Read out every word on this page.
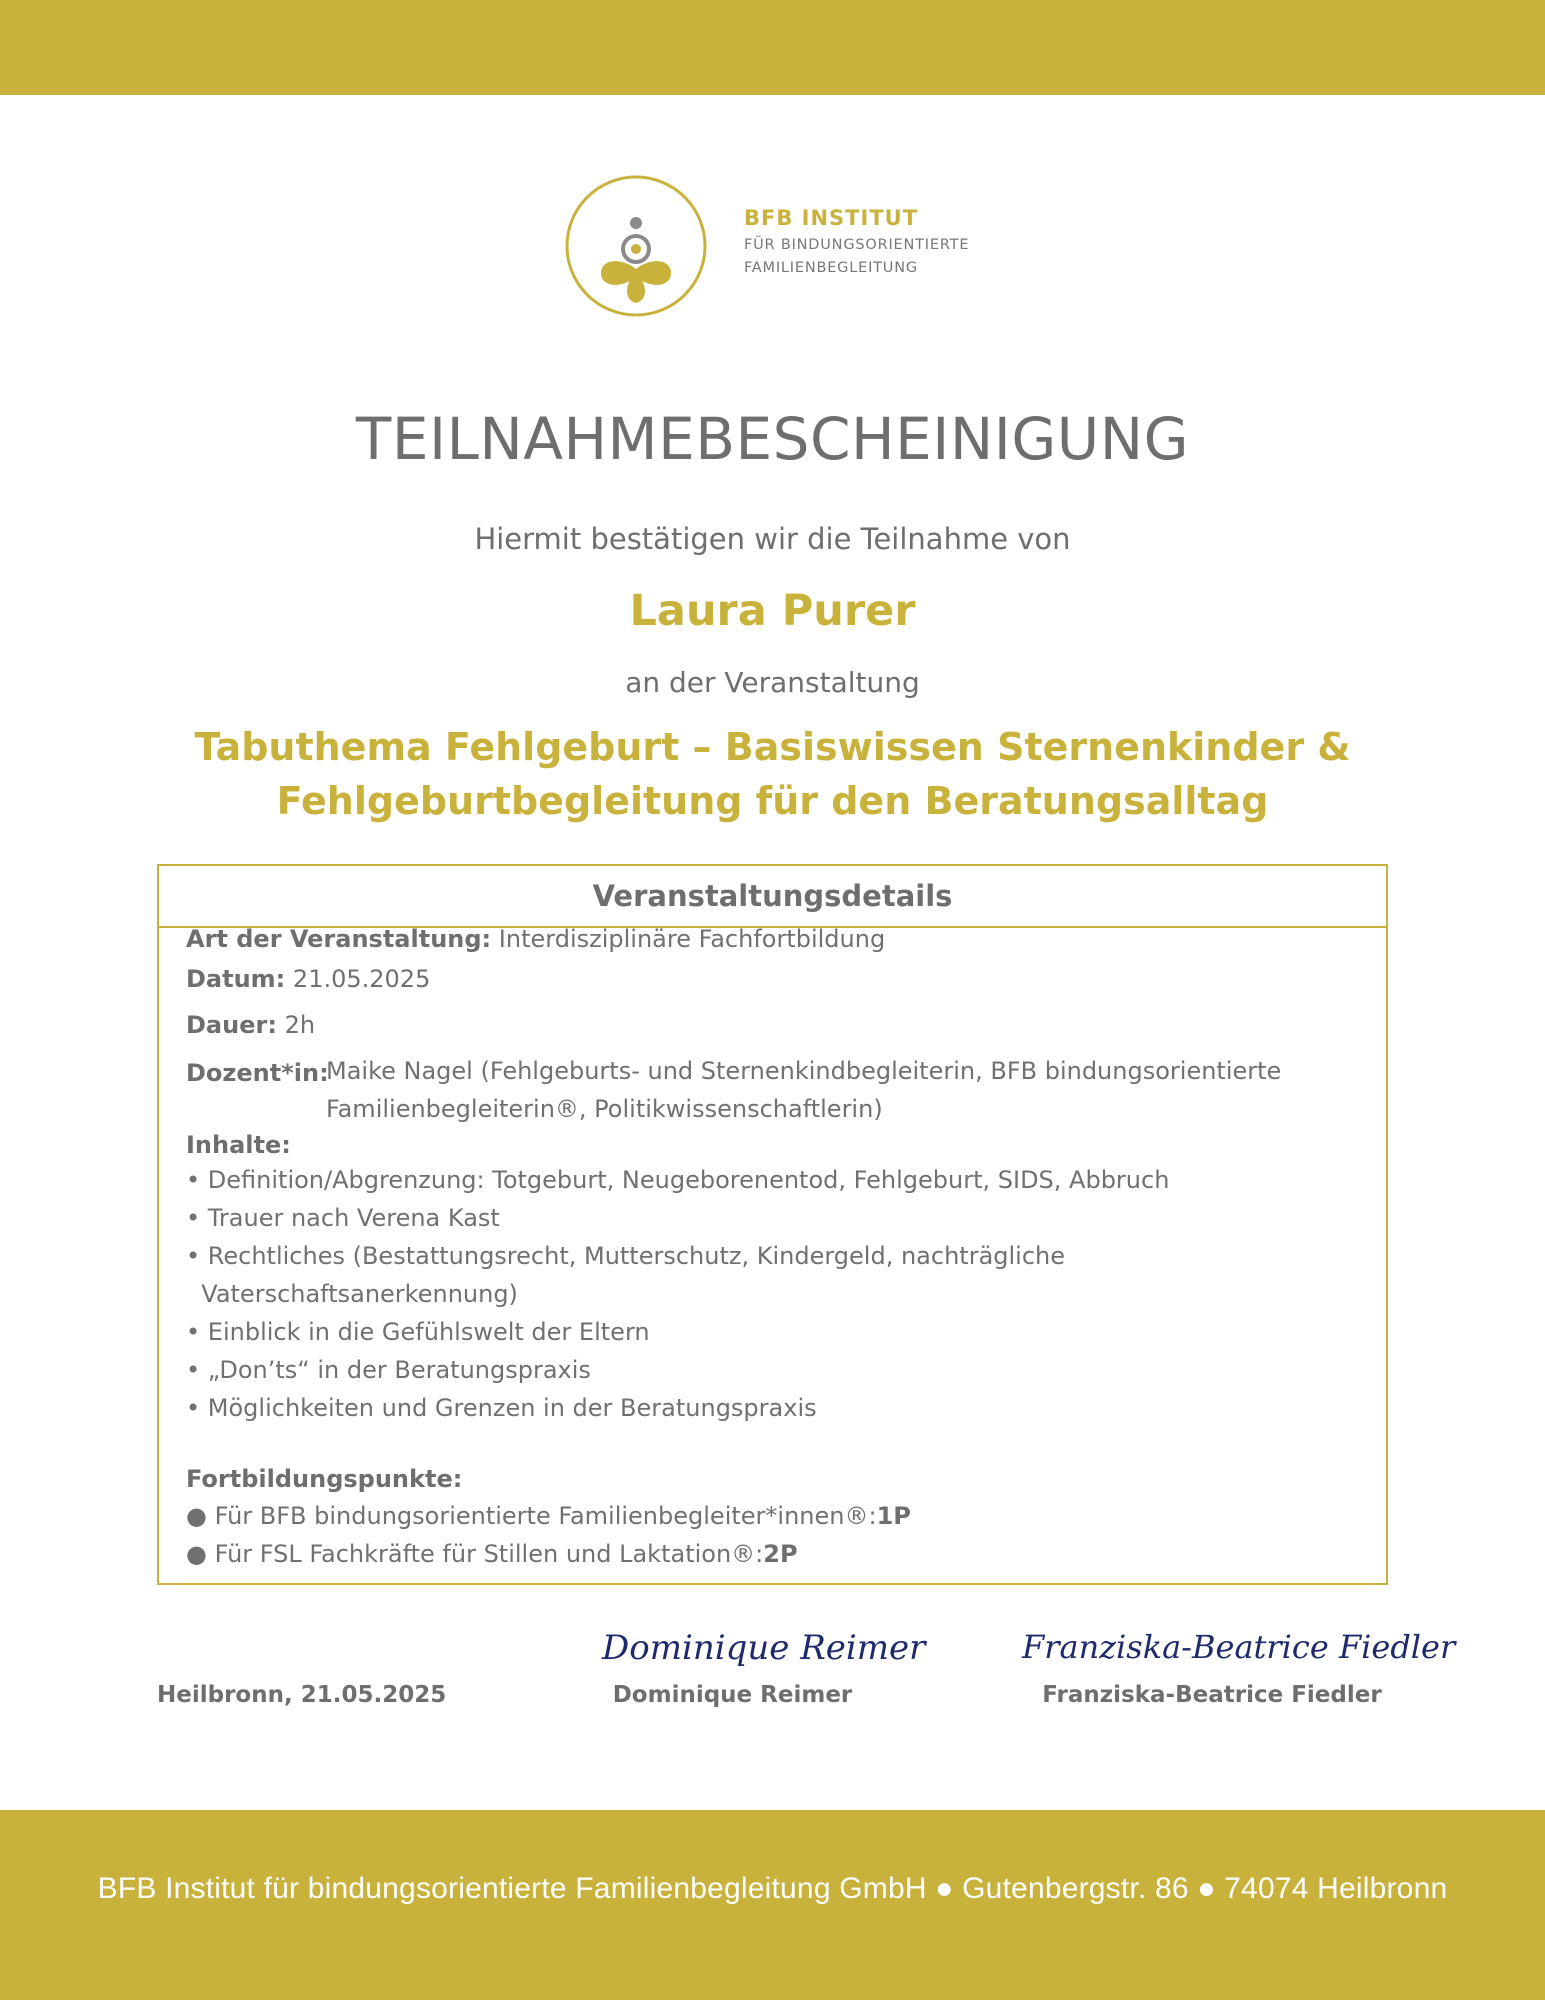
BFB INSTITUT
FÜR BINDUNGSORIENTIERTE
FAMILIENBEGLEITUNG
TEILNAHMEBESCHEINIGUNG
Hiermit bestätigen wir die Teilnahme von
Laura Purer
an der Veranstaltung
Tabuthema Fehlgeburt – Basiswissen Sternenkinder &
Fehlgeburtbegleitung für den Beratungsalltag
Veranstaltungsdetails
Art der Veranstaltung: Interdisziplinäre Fachfortbildung
Datum: 21.05.2025
Dauer: 2h
Dozent*in:
Maike Nagel (Fehlgeburts- und Sternenkindbegleiterin, BFB bindungsorientierte
Familienbegleiterin®, Politikwissenschaftlerin)
Inhalte:
• Definition/Abgrenzung: Totgeburt, Neugeborenentod, Fehlgeburt, SIDS, Abbruch
• Trauer nach Verena Kast
• Rechtliches (Bestattungsrecht, Mutterschutz, Kindergeld, nachträgliche
Vaterschaftsanerkennung)
• Einblick in die Gefühlswelt der Eltern
• „Don’ts“ in der Beratungspraxis
• Möglichkeiten und Grenzen in der Beratungspraxis
Fortbildungspunkte:
● Für BFB bindungsorientierte Familienbegleiter*innen®:1P
● Für FSL Fachkräfte für Stillen und Laktation®:2P
Heilbronn, 21.05.2025
Dominique Reimer
Dominique Reimer
Franziska-Beatrice Fiedler
Franziska-Beatrice Fiedler
BFB Institut für bindungsorientierte Familienbegleitung GmbH ● Gutenbergstr. 86 ● 74074 Heilbronn
